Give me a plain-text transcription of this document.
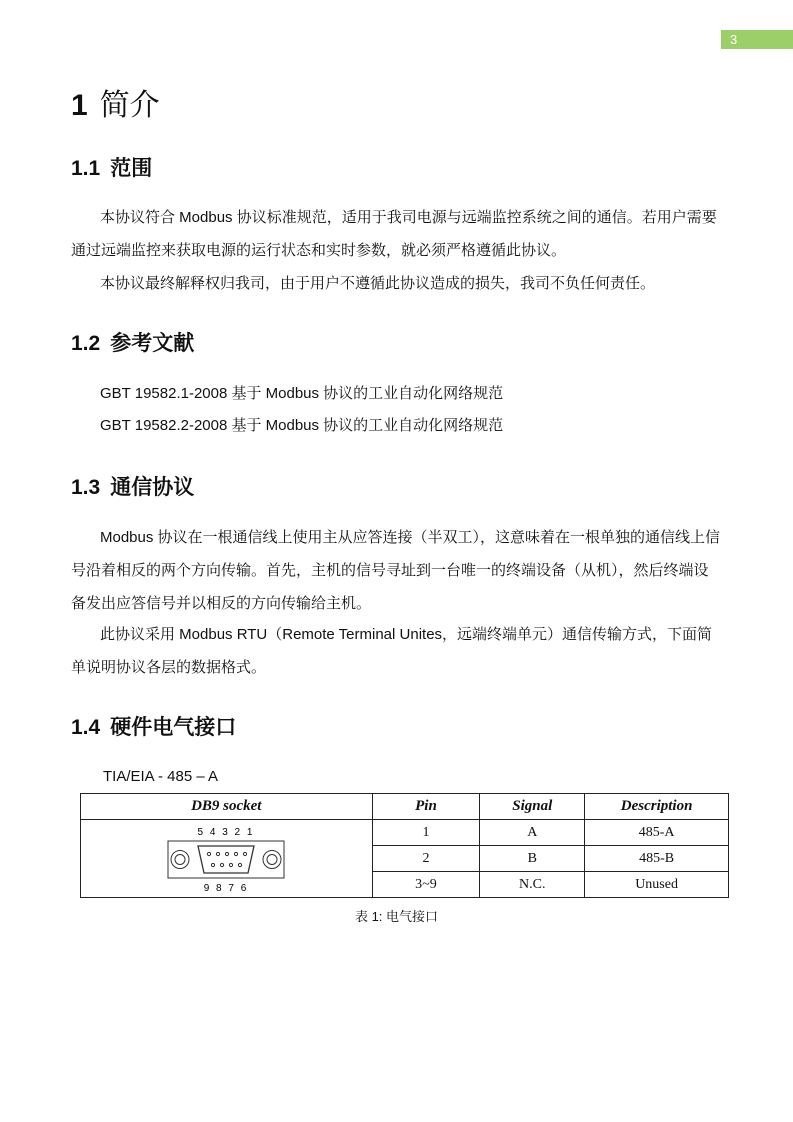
3
1 简介
1.1 范围

本协议符合 Modbus 协议标准规范，适用于我司电源与远端监控系统之间的通信。若用户需要通过远端监控来获取电源的运行状态和实时参数，就必须严格遵循此协议。

本协议最终解释权归我司，由于用户不遵循此协议造成的损失，我司不负任何责任。

1.2 参考文献

GBT 19582.1-2008 基于 Modbus 协议的工业自动化网络规范

GBT 19582.2-2008 基于 Modbus 协议的工业自动化网络规范

1.3 通信协议

Modbus 协议在一根通信线上使用主从应答连接（半双工），这意味着在一根单独的通信线上信号沿着相反的两个方向传输。首先，主机的信号寻址到一台唯一的终端设备（从机），然后终端设备发出应答信号并以相反的方向传输给主机。

此协议采用 Modbus RTU（Remote Terminal Unites，远端终端单元）通信传输方式，下面简单说明协议各层的数据格式。

1.4 硬件电气接口

TIA/EIA - 485 – A

DB9 socket	Pin	Signal	Description

5 4 3 2 1
9 8 7 6	1	A	485-A
	2	B	485-B
	3~9	N.C.	Unused

表 1: 电气接口
